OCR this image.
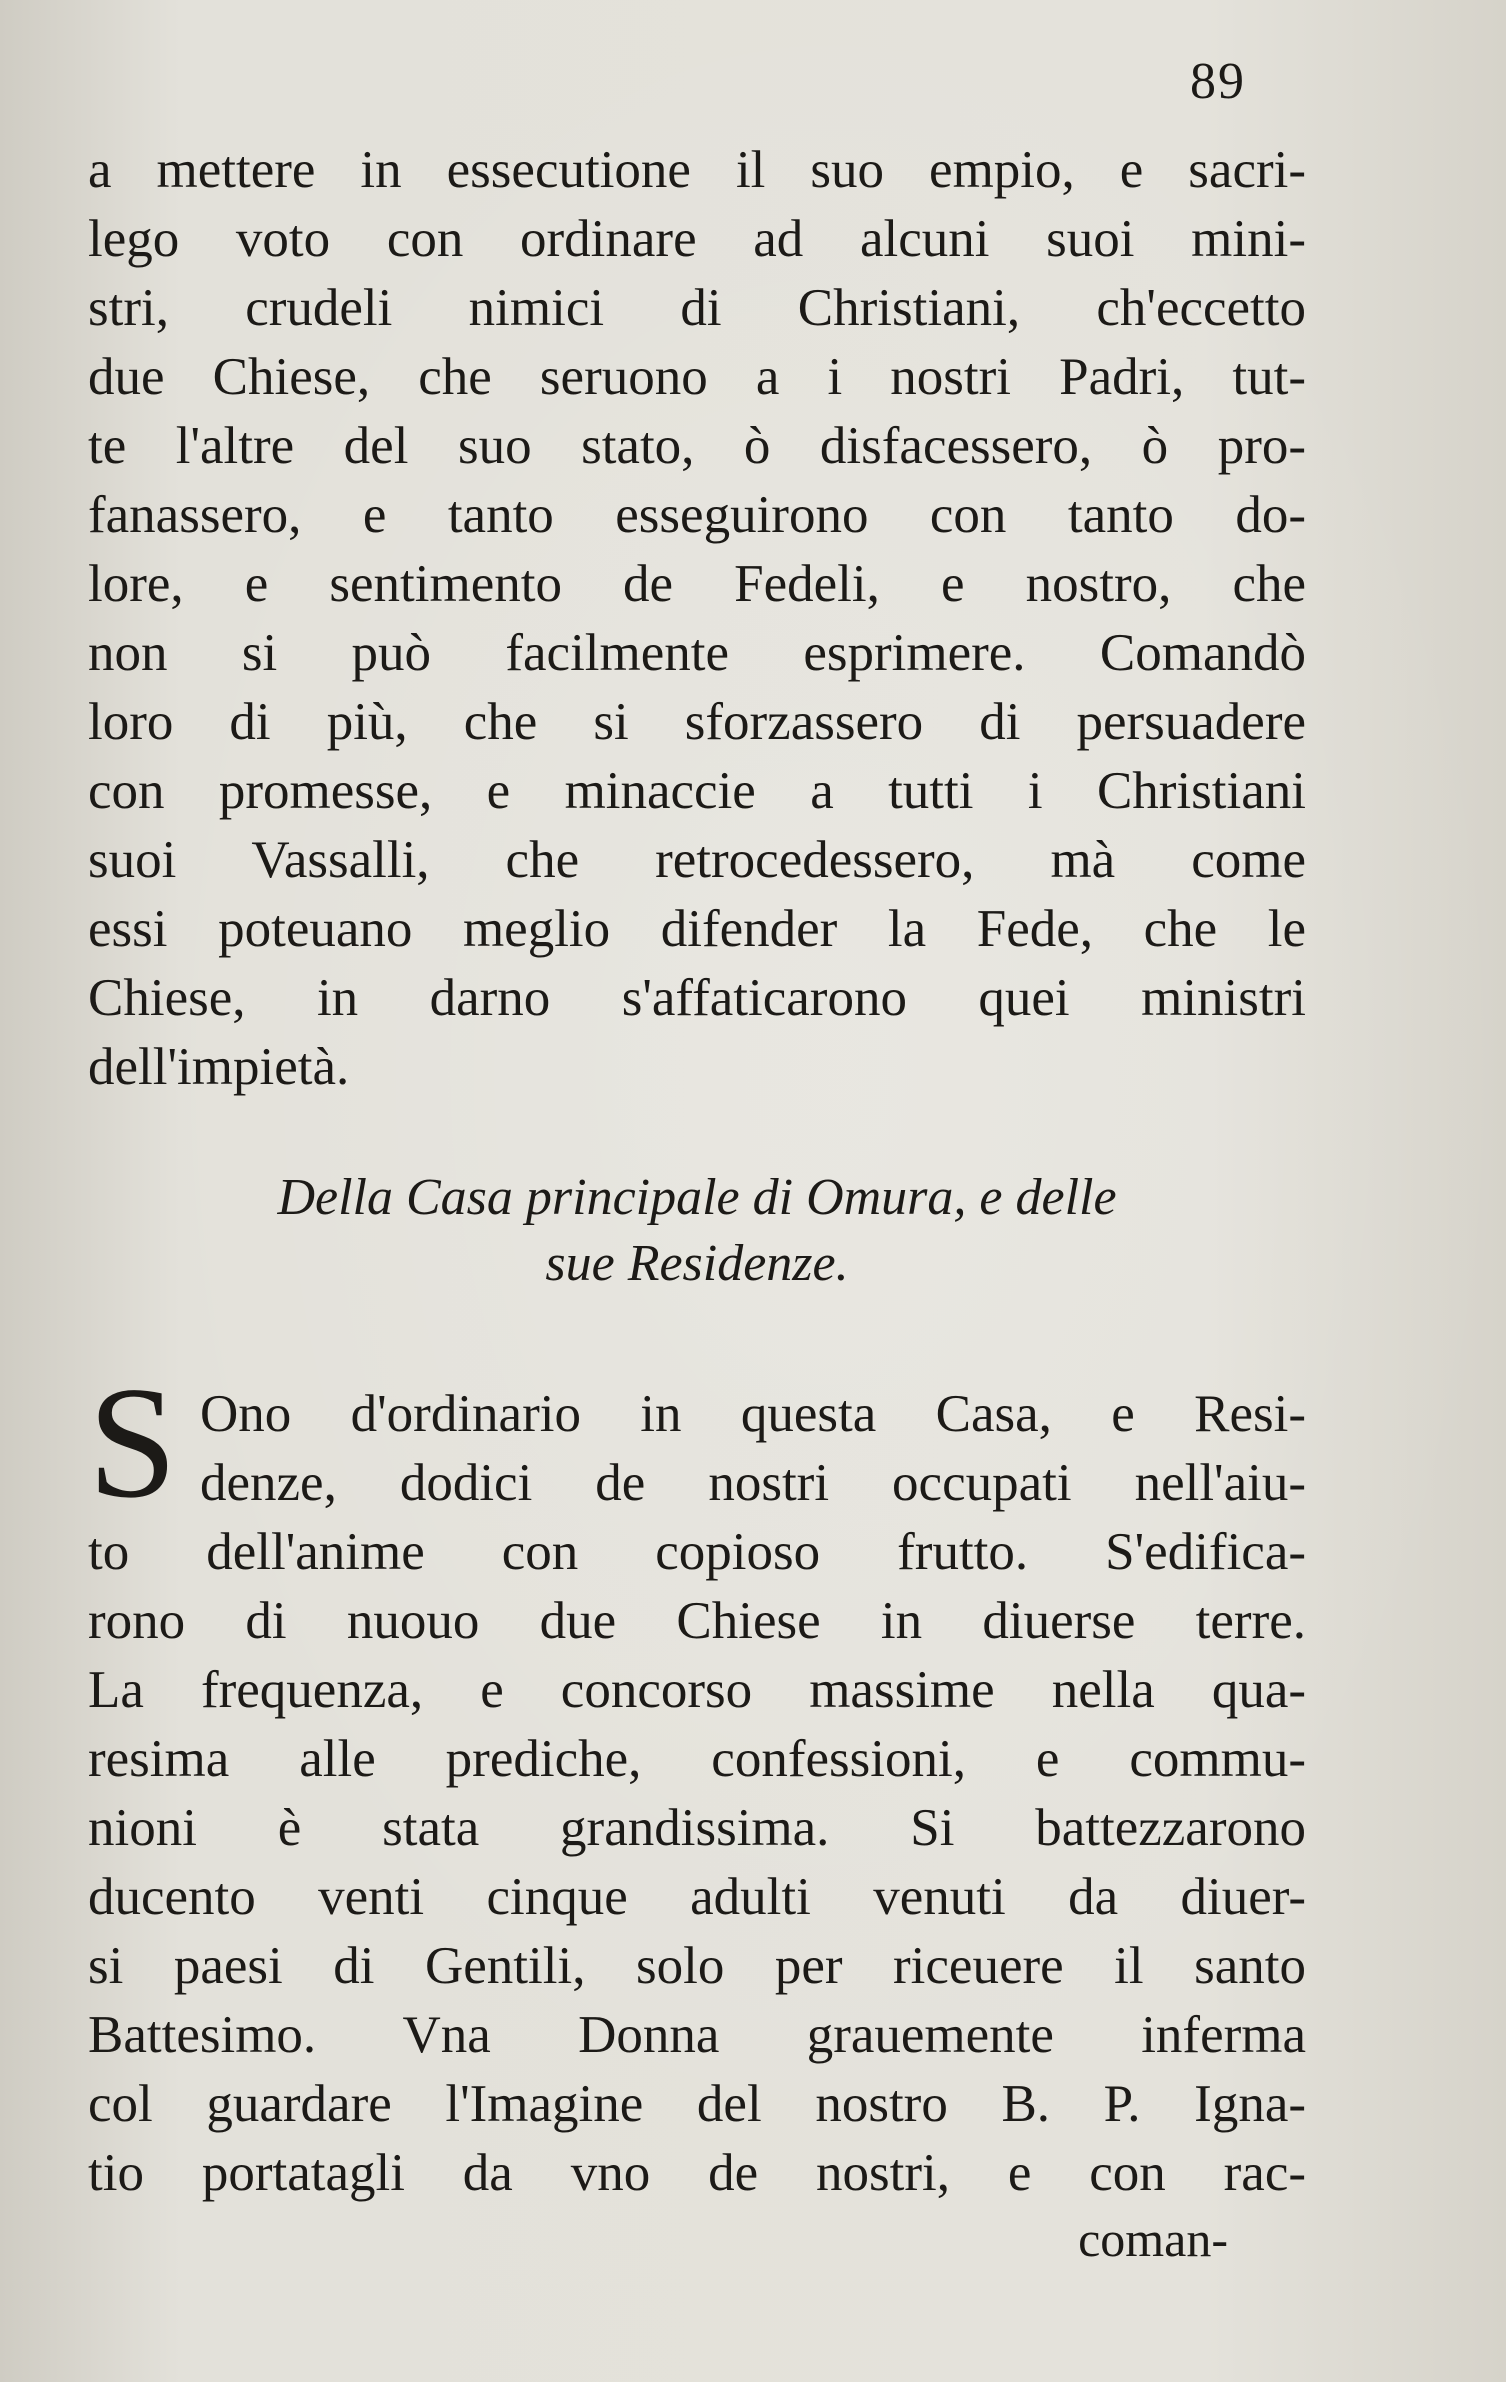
89
a mettere in essecutione il suo empio, e sacri-
lego voto con ordinare ad alcuni suoi mini-
stri, crudeli nimici di Christiani, ch'eccetto
due Chiese, che seruono a i nostri Padri, tut-
te l'altre del suo stato, ò disfacessero, ò pro-
fanassero, e tanto esseguirono con tanto do-
lore, e sentimento de Fedeli, e nostro, che
non si può facilmente esprimere. Comandò
loro di più, che si sforzassero di persuadere
con promesse, e minaccie a tutti i Christiani
suoi Vassalli, che retrocedessero, mà come
essi poteuano meglio difender la Fede, che le
Chiese, in darno s'affaticarono quei ministri
dell'impietà.
Della Casa principale di Omura, e delle
sue Residenze.
S Ono d'ordinario in questa Casa, e Resi-
denze, dodici de nostri occupati nell'aiu-
to dell'anime con copioso frutto. S'edifica-
rono di nuouo due Chiese in diuerse terre.
La frequenza, e concorso massime nella qua-
resima alle prediche, confessioni, e commu-
nioni è stata grandissima. Si battezzarono
ducento venti cinque adulti venuti da diuer-
si paesi di Gentili, solo per riceuere il santo
Battesimo. Vna Donna grauemente inferma
col guardare l'Imagine del nostro B. P. Igna-
tio portatagli da vno de nostri, e con rac-
coman-
